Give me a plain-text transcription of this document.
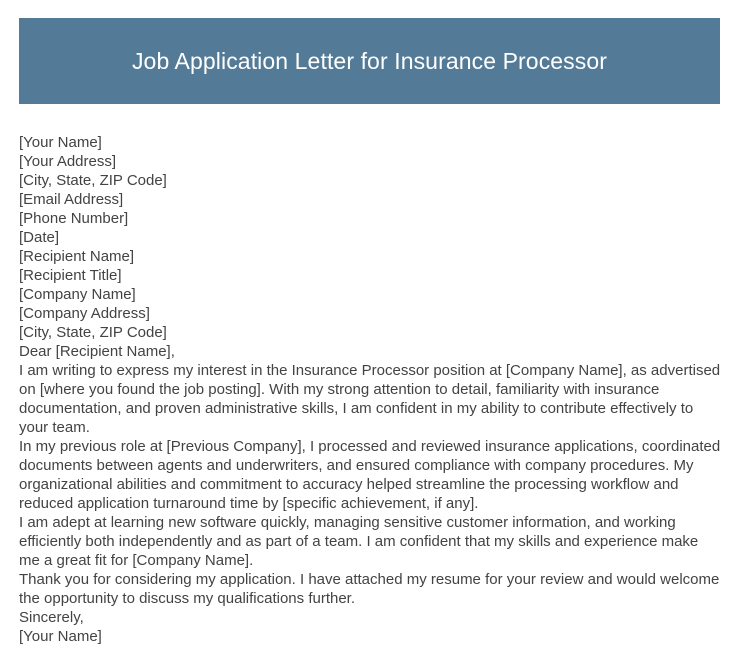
Job Application Letter for Insurance Processor
[Your Name]
[Your Address]
[City, State, ZIP Code]
[Email Address]
[Phone Number]
[Date]
[Recipient Name]
[Recipient Title]
[Company Name]
[Company Address]
[City, State, ZIP Code]
Dear [Recipient Name],

I am writing to express my interest in the Insurance Processor position at [Company Name], as advertised on [where you found the job posting]. With my strong attention to detail, familiarity with insurance documentation, and proven administrative skills, I am confident in my ability to contribute effectively to your team.

In my previous role at [Previous Company], I processed and reviewed insurance applications, coordinated documents between agents and underwriters, and ensured compliance with company procedures. My organizational abilities and commitment to accuracy helped streamline the processing workflow and reduced application turnaround time by [specific achievement, if any].

I am adept at learning new software quickly, managing sensitive customer information, and working efficiently both independently and as part of a team. I am confident that my skills and experience make me a great fit for [Company Name].

Thank you for considering my application. I have attached my resume for your review and would welcome the opportunity to discuss my qualifications further.

Sincerely,
[Your Name]
